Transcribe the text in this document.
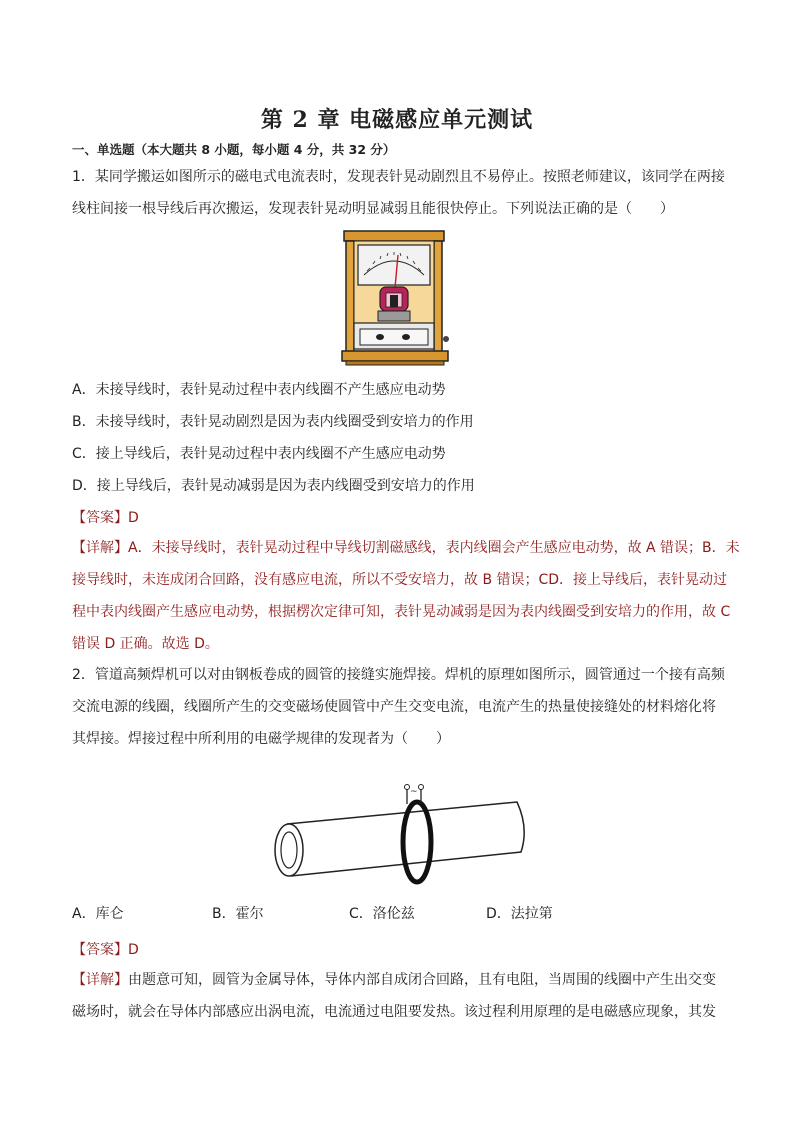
第 2 章 电磁感应单元测试
一、单选题（本大题共 8 小题，每小题 4 分，共 32 分）
1．某同学搬运如图所示的磁电式电流表时，发现表针晃动剧烈且不易停止。按照老师建议，该同学在两接
线柱间接一根导线后再次搬运，发现表针晃动明显减弱且能很快停止。下列说法正确的是（　　）
A．未接导线时，表针晃动过程中表内线圈不产生感应电动势
B．未接导线时，表针晃动剧烈是因为表内线圈受到安培力的作用
C．接上导线后，表针晃动过程中表内线圈不产生感应电动势
D．接上导线后，表针晃动减弱是因为表内线圈受到安培力的作用
【答案】D
【详解】A．未接导线时，表针晃动过程中导线切割磁感线，表内线圈会产生感应电动势，故 A 错误；B．未
接导线时，未连成闭合回路，没有感应电流，所以不受安培力，故 B 错误；CD．接上导线后，表针晃动过
程中表内线圈产生感应电动势，根据楞次定律可知，表针晃动减弱是因为表内线圈受到安培力的作用，故 C
错误 D 正确。故选 D。
2．管道高频焊机可以对由钢板卷成的圆管的接缝实施焊接。焊机的原理如图所示，圆管通过一个接有高频
交流电源的线圈，线圈所产生的交变磁场使圆管中产生交变电流，电流产生的热量使接缝处的材料熔化将
其焊接。焊接过程中所利用的电磁学规律的发现者为（　　）
~
A．库仑	B．霍尔	C．洛伦兹	D．法拉第
【答案】D
【详解】由题意可知，圆管为金属导体，导体内部自成闭合回路，且有电阻，当周围的线圈中产生出交变
磁场时，就会在导体内部感应出涡电流，电流通过电阻要发热。该过程利用原理的是电磁感应现象，其发
